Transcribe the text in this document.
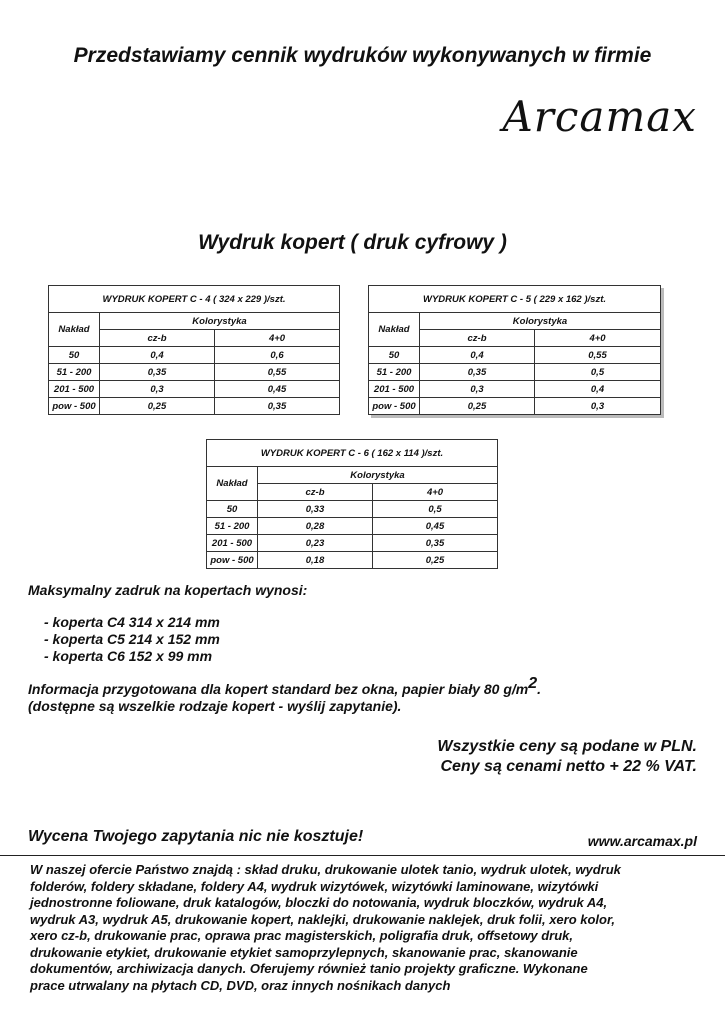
Przedstawiamy cennik wydruków wykonywanych w firmie
Arcamax
Wydruk kopert ( druk cyfrowy )
WYDRUK KOPERT C - 4 ( 324 x 229 )/szt.		
Nakład	Kolorystyka	
	cz-b	4+0
50	0,4	0,6
51 - 200	0,35	0,55
201 - 500	0,3	0,45
pow - 500	0,25	0,35
WYDRUK KOPERT C - 5 ( 229 x 162 )/szt.		
Nakład	Kolorystyka	
	cz-b	4+0
50	0,4	0,55
51 - 200	0,35	0,5
201 - 500	0,3	0,4
pow - 500	0,25	0,3
WYDRUK KOPERT C - 6 ( 162 x 114 )/szt.		
Nakład	Kolorystyka	
	cz-b	4+0
50	0,33	0,5
51 - 200	0,28	0,45
201 - 500	0,23	0,35
pow - 500	0,18	0,25
Maksymalny zadruk na kopertach wynosi:
- koperta C4 314 x 214 mm
- koperta C5 214 x 152 mm
- koperta C6 152 x 99 mm
Informacja przygotowana dla kopert standard bez okna, papier biały 80 $g/m^2$.
(dostępne są wszelkie rodzaje kopert - wyślij zapytanie).
Wszystkie ceny są podane w PLN.
Ceny są cenami netto + 22 % VAT.
Wycena Twojego zapytania nic nie kosztuje!	www.arcamax.pl
W naszej ofercie Państwo znajdą : skład druku, drukowanie ulotek tanio, wydruk ulotek, wydruk
folderów, foldery składane, foldery A4, wydruk wizytówek, wizytówki laminowane, wizytówki
jednostronne foliowane, druk katalogów, bloczki do notowania, wydruk bloczków, wydruk A4,
wydruk A3, wydruk A5, drukowanie kopert, naklejki, drukowanie naklejek, druk folii, xero kolor,
xero cz-b, drukowanie prac, oprawa prac magisterskich, poligrafia druk, offsetowy druk,
drukowanie etykiet, drukowanie etykiet samoprzylepnych, skanowanie prac, skanowanie
dokumentów, archiwizacja danych. Oferujemy również tanio projekty graficzne. Wykonane
prace utrwalany na płytach CD, DVD, oraz innych nośnikach danych
